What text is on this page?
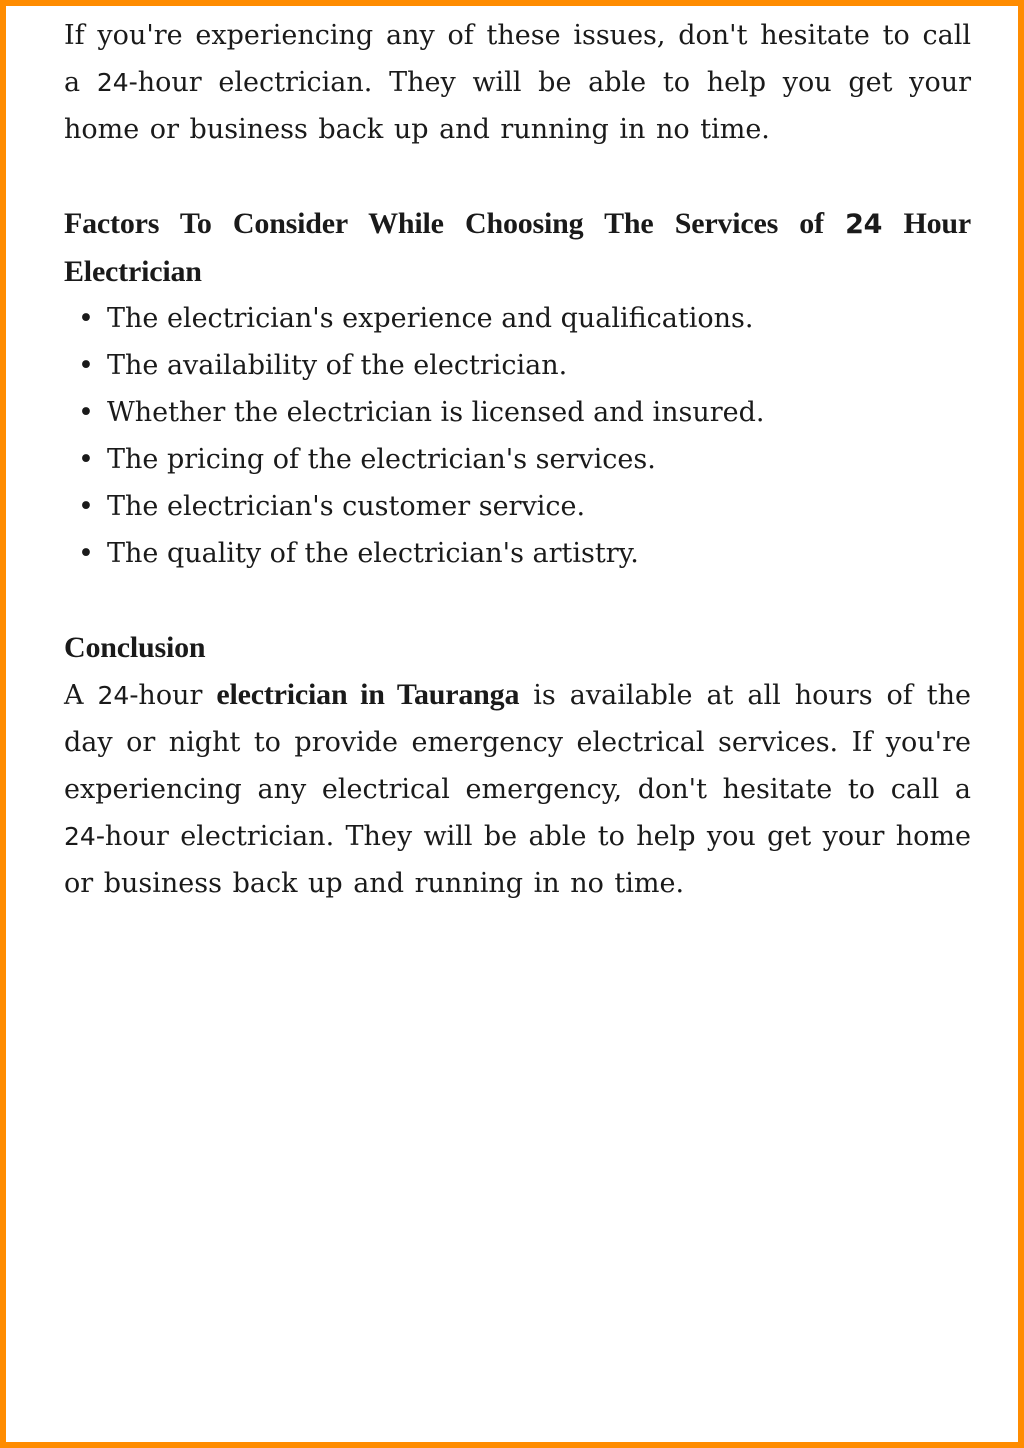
If you're experiencing any of these issues, don't hesitate to call a 24-hour electrician. They will be able to help you get your home or business back up and running in no time.

Factors To Consider While Choosing The Services of 24 Hour Electrician

• The electrician's experience and qualifications.
• The availability of the electrician.
• Whether the electrician is licensed and insured.
• The pricing of the electrician's services.
• The electrician's customer service.
• The quality of the electrician's artistry.

Conclusion

A 24-hour electrician in Tauranga is available at all hours of the day or night to provide emergency electrical services. If you're experiencing any electrical emergency, don't hesitate to call a 24-hour electrician. They will be able to help you get your home or business back up and running in no time.
